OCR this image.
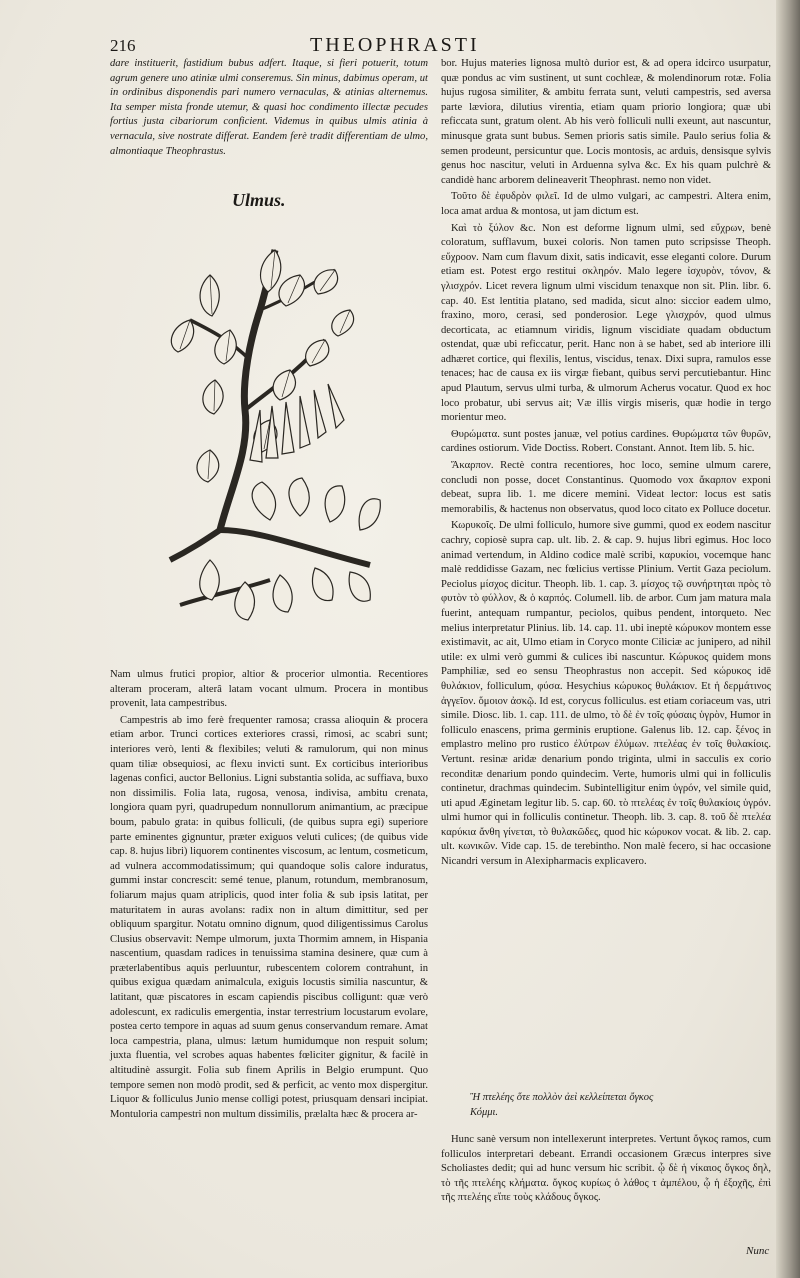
216	THEOPHRASTI

dare instituerit, fastidium bubus adfert. Itaque, si fieri potuerit, totum agrum genere uno atiniæ ulmi conseremus. Sin minus, dabimus operam, ut in ordinibus disponendis pari numero vernaculas, & atinias alternemus. Ita semper mista fronde utemur, & quasi hoc condimento illectæ pecudes fortius justa cibariorum conficient. Videmus in quibus ulmis atinia à vernacula, sive nostrate differat. Eandem ferè tradit differentiam de ulmo, almontiaque Theophrastus.

Ulmus.

Nam ulmus frutici propior, altior & procerior ulmontia. Recentiores alteram proceram, alterâ latam vocant ulmum. Procera in montibus provenit, lata campestribus.

Campestris ab imo ferè frequenter ramosa; crassa alioquin & procera etiam arbor. Trunci cortices exteriores crassi, rimosi, ac scabri sunt; interiores verò, lenti & flexibiles; veluti & ramulorum, qui non minus quam tiliæ obsequiosi, ac flexu invicti sunt. Ex corticibus interioribus lagenas confici, auctor Bellonius. Ligni substantia solida, ac suffiava, buxo non dissimilis. Folia lata, rugosa, venosa, indivisa, ambitu crenata, longiora quam pyri, quadrupedum nonnullorum animantium, ac præcipue boum, pabulo grata: in quibus folliculi, (de quibus supra egi) superiore parte eminentes gignuntur, præter exiguos veluti culices; (de quibus vide cap. 8. hujus libri) liquorem continentes viscosum, ac lentum, cosmeticum, ad vulnera accommodatissimum; qui quandoque solis calore induratus, gummi instar concrescit: semé tenue, planum, rotundum, membranosum, foliarum majus quam atriplicis, quod inter folia & sub ipsis latitat, per maturitatem in auras avolans: radix non in altum dimittitur, sed per obliquum spargitur. Notatu omnino dignum, quod diligentissimus Carolus Clusius observavit: Nempe ulmorum, juxta Thormim amnem, in Hispania nascentium, quasdam radices in tenuissima stamina desinere, quæ cum à præterlabentibus aquis perluuntur, rubescentem colorem contrahunt, in quibus exigua quædam animalcula, exiguis locustis similia nascuntur, & latitant, quæ piscatores in escam capiendis piscibus colligunt: quæ verò adolescunt, ex radiculis emergentia, instar terrestrium locustarum evolare, postea certo tempore in aquas ad suum genus conservandum remare. Amat loca campestria, plana, ulmus: lætum humidumque non respuit solum; juxta fluentia, vel scrobes aquas habentes fœliciter gignitur, & facilè in altitudinè assurgit. Folia sub finem Aprilis in Belgio erumpunt. Quo tempore semen non modò prodit, sed & perficit, ac vento mox dispergitur. Liquor & folliculus Junio mense colligi potest, priusquam densari incipiat. Montuloria campestri non multum dissimilis, prælalta hæc & procera ar-

bor. Hujus materies lignosa multò durior est, & ad opera idcirco usurpatur, quæ pondus ac vim sustinent, ut sunt cochleæ, & molendinorum rotæ. Folia hujus rugosa similiter, & ambitu ferrata sunt, veluti campestris, sed aversa parte læviora, dilutius virentia, etiam quam priorio longiora; quæ ubi reficcata sunt, gratum olent. Ab his verò folliculi nulli exeunt, aut nascuntur, minusque grata sunt bubus. Semen prioris satis simile. Paulo serius folia & semen prodeunt, persicuntur que. Locis montosis, ac arduis, densisque sylvis genus hoc nascitur, veluti in Arduenna sylva &c. Ex his quam pulchrè & candidè hanc arborem delineaverit Theophrast. nemo non videt.

Τοῦτο δὲ ἐφυδρὸν φιλεῖ. Id de ulmo vulgari, ac campestri. Altera enim, loca amat ardua & montosa, ut jam dictum est.

Καὶ τὸ ξύλον &c. Non est deforme lignum ulmi, sed εὔχρων, benè coloratum, sufflavum, buxei coloris. Non tamen puto scripsisse Theoph. εὔχροον. Nam cum flavum dixit, satis indicavit, esse eleganti colore. Durum etiam est. Potest ergo restitui σκληρόν. Malo legere ἰσχυρὸν, τόνον, & γλισχρόν. Licet revera lignum ulmi viscidum tenaxque non sit. Plin. libr. 6. cap. 40. Est lentitia platano, sed madida, sicut alno: siccior eadem ulmo, fraxino, moro, cerasi, sed ponderosior. Lege γλισχρόν, quod ulmus decorticata, ac etiamnum viridis, lignum viscidiate quadam obductum ostendat, quæ ubi reficcatur, perit. Hanc non à se habet, sed ab interiore illi adhæret cortice, qui flexilis, lentus, viscidus, tenax. Dixi supra, ramulos esse tenaces; hac de causa ex iis virgæ fiebant, quibus servi percutiebantur. Hinc apud Plautum, servus ulmi turba, & ulmorum Acherus vocatur. Quod ex hoc loco probatur, ubi servus ait; Væ illis virgis miseris, quæ hodie in tergo morientur meo.

Θυρώματα. sunt postes januæ, vel potius cardines. Θυρώματα τῶν θυρῶν, cardines ostiorum. Vide Doctiss. Robert. Constant. Annot. Item lib. 5. hic.

Ἄκαρπον. Rectè contra recentiores, hoc loco, semine ulmum carere, concludi non posse, docet Constantinus. Quomodo vox ἄκαρπον exponi debeat, supra lib. 1. me dicere memini. Videat lector: locus est satis memorabilis, & hactenus non observatus, quod loco citato ex Polluce docetur.

Κωρυκοῖς. De ulmi folliculo, humore sive gummi, quod ex eodem nascitur cachry, copiosè supra cap. ult. lib. 2. & cap. 9. hujus libri egimus. Hoc loco animad vertendum, in Aldino codice malè scribi, καρυκίοι, vocemque hanc malè reddidisse Gazam, nec fœlicius vertisse Plinium. Vertit Gaza peciolum. Peciolus μίσχος dicitur. Theoph. lib. 1. cap. 3. μίσχος τῷ συνήρτηται πρὸς τὸ φυτὸν τὸ φύλλον, & ὁ καρπός. Columell. lib. de arbor. Cum jam matura mala fuerint, antequam rumpantur, peciolos, quibus pendent, intorqueto. Nec melius interpretatur Plinius. lib. 14. cap. 11. ubi ineptè κώρυκον montem esse existimavit, ac ait, Ulmo etiam in Coryco monte Ciliciæ ac junipero, ad nihil utile: ex ulmi verò gummi & culices ibi nascuntur. Κώρυκος quidem mons Pamphiliæ, sed eo sensu Theophrastus non accepit. Sed κώρυκος idē θυλάκιον, folliculum, φύσα. Hesychius κώρυκος θυλάκιον. Et ἡ δερμάτινος ἀγγεῖον. ὅμοιον ἀσκῷ. Id est, corycus folliculus. est etiam coriaceum vas, utri simile. Diosc. lib. 1. cap. 111. de ulmo, τὸ δὲ ἐν τοῖς φύσαις ὑγρὸν, Humor in folliculo enascens, prima germinis eruptione. Galenus lib. 12. cap. ξένος in emplastro melino pro rustico ἐλύτρων ἐλύμων. πτελέας ἐν τοῖς θυλακίοις. Vertunt. resinæ aridæ denarium pondo triginta, ulmi in sacculis ex corio reconditæ denarium pondo quindecim. Verte, humoris ulmi qui in folliculis continetur, drachmas quindecim. Subintelligitur enim ὑγρόν, vel simile quid, uti apud Æginetam legitur lib. 5. cap. 60. τὸ πτελέας ἐν τοῖς θυλακίοις ὑγρόν. ulmi humor qui in folliculis continetur. Theoph. lib. 3. cap. 8. τοῦ δὲ πτελέα καρύκια ἄνθη γίνεται, τὸ θυλακῶδες, quod hic κώρυκον vocat. & lib. 2. cap. ult. κωνικῶν. Vide cap. 15. de terebintho. Non malè fecero, si hac occasione Nicandri versum in Alexipharmacis explicavero.

Ἢ πτελέης ὅτε πολλὸν ἀεὶ κελλείπεται ὄγκος
Κόμμι.

Hunc sanè versum non intellexerunt interpretes. Vertunt ὄγκος ramos, cum folliculos interpretari debeant. Errandi occasionem Græcus interpres sive Scholiastes dedit; qui ad hunc versum hic scribit. ᾧ δὲ ἡ νίκαιος ὄγκος δηλ, τὸ τῆς πτελέης κλήματα. ὄγκος κυρίως ὁ λάθος τ ἀμπέλου, ᾧ ἡ ἐξοχῆς, ἐπὶ τῆς πτελέης εἴπε τοὺς κλάδους ὄγκος.

Nunc
